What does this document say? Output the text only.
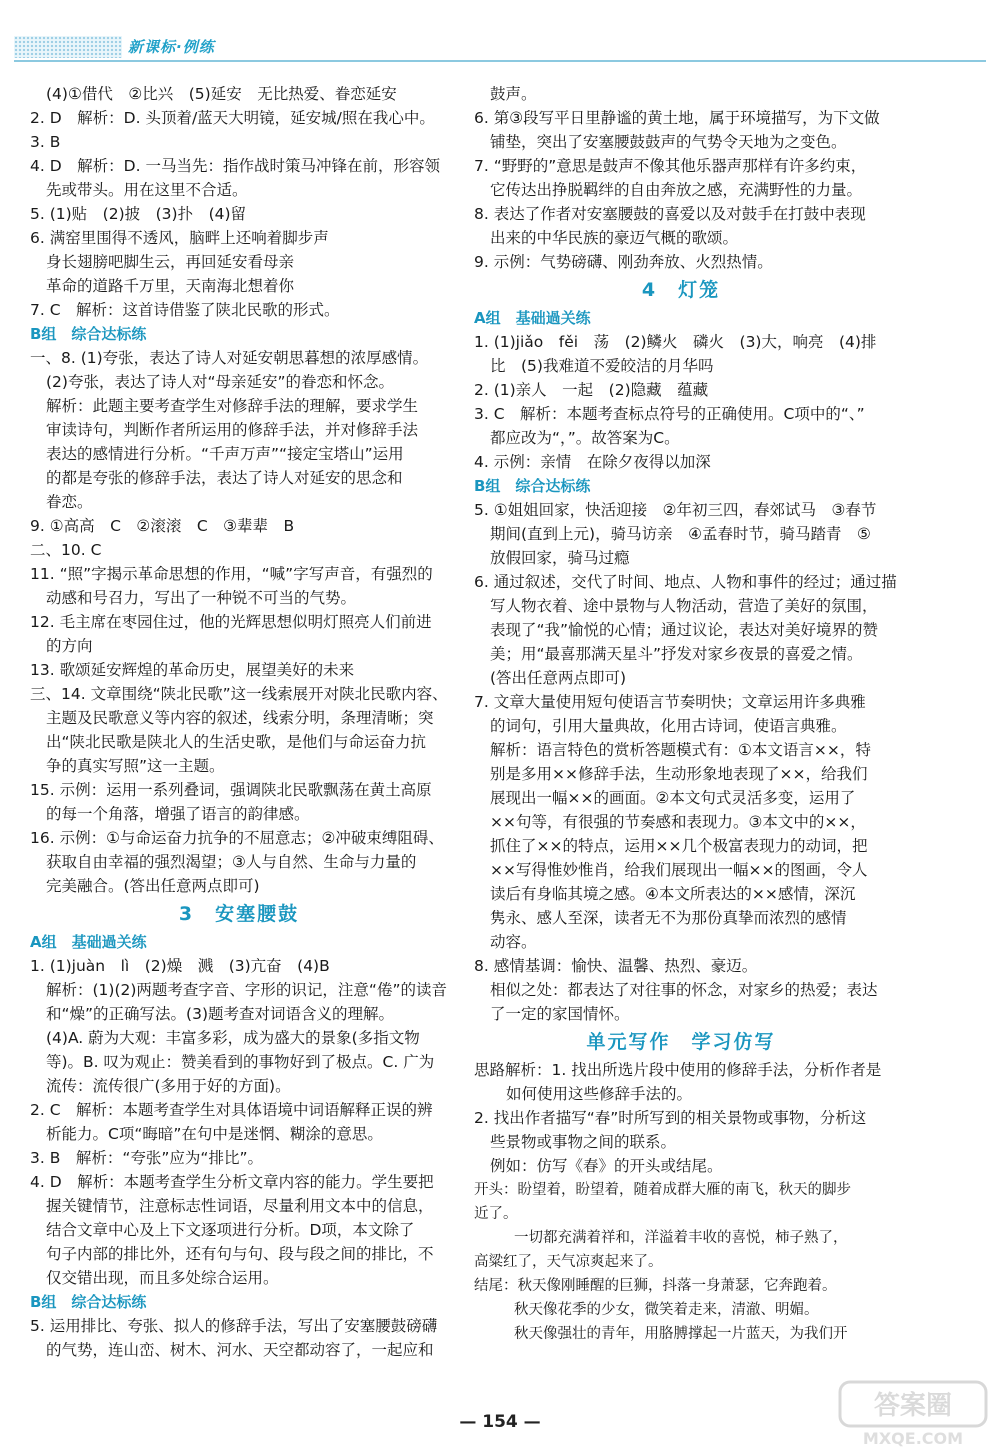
新课标·例练
(4)①借代　②比兴　(5)延安　无比热爱、眷恋延安
2. D　解析：D. 头顶着/蓝天大明镜，延安城/照在我心中。
3. B
4. D　解析：D. 一马当先：指作战时策马冲锋在前，形容领
先或带头。用在这里不合适。
5. (1)贴　(2)披　(3)扑　(4)留
6. 满窑里围得不透风，脑畔上还响着脚步声
身长翅膀吧脚生云，再回延安看母亲
革命的道路千万里，天南海北想着你
7. C　解析：这首诗借鉴了陕北民歌的形式。
B组　综合达标练
一、8. (1)夸张，表达了诗人对延安朝思暮想的浓厚感情。
(2)夸张，表达了诗人对“母亲延安”的眷恋和怀念。
解析：此题主要考查学生对修辞手法的理解，要求学生
审读诗句，判断作者所运用的修辞手法，并对修辞手法
表达的感情进行分析。“千声万声”“接定宝塔山”运用
的都是夸张的修辞手法，表达了诗人对延安的思念和
眷恋。
9. ①高高　C　②滚滚　C　③辈辈　B
二、10. C
11. “照”字揭示革命思想的作用，“喊”字写声音，有强烈的
动感和号召力，写出了一种锐不可当的气势。
12. 毛主席在枣园住过，他的光辉思想似明灯照亮人们前进
的方向
13. 歌颂延安辉煌的革命历史，展望美好的未来
三、14. 文章围绕“陕北民歌”这一线索展开对陕北民歌内容、
主题及民歌意义等内容的叙述，线索分明，条理清晰；突
出“陕北民歌是陕北人的生活史歌，是他们与命运奋力抗
争的真实写照”这一主题。
15. 示例：运用一系列叠词，强调陕北民歌飘荡在黄土高原
的每一个角落，增强了语言的韵律感。
16. 示例：①与命运奋力抗争的不屈意志；②冲破束缚阻碍、
获取自由幸福的强烈渴望；③人与自然、生命与力量的
完美融合。(答出任意两点即可)
3　安塞腰鼓
A组　基础過关练
1. (1)juàn　lì　(2)燥　溅　(3)亢奋　(4)B
解析：(1)(2)两题考查字音、字形的识记，注意“倦”的读音
和“燥”的正确写法。(3)题考查对词语含义的理解。
(4)A. 蔚为大观：丰富多彩，成为盛大的景象(多指文物
等)。B. 叹为观止：赞美看到的事物好到了极点。C. 广为
流传：流传很广(多用于好的方面)。
2. C　解析：本题考查学生对具体语境中词语解释正误的辨
析能力。C项“晦暗”在句中是迷惘、糊涂的意思。
3. B　解析：“夸张”应为“排比”。
4. D　解析：本题考查学生分析文章内容的能力。学生要把
握关键情节，注意标志性词语，尽量利用文本中的信息，
结合文章中心及上下文逐项进行分析。D项，本文除了
句子内部的排比外，还有句与句、段与段之间的排比，不
仅交错出现，而且多处综合运用。
B组　综合达标练
5. 运用排比、夸张、拟人的修辞手法，写出了安塞腰鼓磅礴
的气势，连山峦、树木、河水、天空都动容了，一起应和
鼓声。
6. 第③段写平日里静谧的黄土地，属于环境描写，为下文做
铺垫，突出了安塞腰鼓鼓声的气势令天地为之变色。
7. “野野的”意思是鼓声不像其他乐器声那样有许多约束，
它传达出挣脱羁绊的自由奔放之感，充满野性的力量。
8. 表达了作者对安塞腰鼓的喜爱以及对鼓手在打鼓中表现
出来的中华民族的豪迈气概的歌颂。
9. 示例：气势磅礴、刚劲奔放、火烈热情。
4　灯笼
A组　基础過关练
1. (1)jiǎo　fěi　荡　(2)鳞火　磷火　(3)大，响亮　(4)排
比　(5)我难道不爱皎洁的月华吗
2. (1)亲人　一起　(2)隐藏　蕴藏
3. C　解析：本题考查标点符号的正确使用。C项中的“、”
都应改为“，”。故答案为C。
4. 示例：亲情　在除夕夜得以加深
B组　综合达标练
5. ①姐姐回家，快活迎接　②年初三四，春郊试马　③春节
期间(直到上元)，骑马访亲　④孟春时节，骑马踏青　⑤
放假回家，骑马过瘾
6. 通过叙述，交代了时间、地点、人物和事件的经过；通过描
写人物衣着、途中景物与人物活动，营造了美好的氛围，
表现了“我”愉悦的心情；通过议论，表达对美好境界的赞
美；用“最喜那满天星斗”抒发对家乡夜景的喜爱之情。
(答出任意两点即可)
7. 文章大量使用短句使语言节奏明快；文章运用许多典雅
的词句，引用大量典故，化用古诗词，使语言典雅。
解析：语言特色的赏析答题模式有：①本文语言××，特
别是多用××修辞手法，生动形象地表现了××，给我们
展现出一幅××的画面。②本文句式灵活多变，运用了
××句等，有很强的节奏感和表现力。③本文中的××，
抓住了××的特点，运用××几个极富表现力的动词，把
××写得惟妙惟肖，给我们展现出一幅××的图画，令人
读后有身临其境之感。④本文所表达的××感情，深沉
隽永、感人至深，读者无不为那份真挚而浓烈的感情
动容。
8. 感情基调：愉快、温馨、热烈、豪迈。
相似之处：都表达了对往事的怀念，对家乡的热爱；表达
了一定的家国情怀。
单元写作　学习仿写
思路解析：1. 找出所选片段中使用的修辞手法，分析作者是
如何使用这些修辞手法的。
2. 找出作者描写“春”时所写到的相关景物或事物，分析这
些景物或事物之间的联系。
例如：仿写《春》的开头或结尾。
开头：盼望着，盼望着，随着成群大雁的南飞，秋天的脚步
近了。
一切都充满着祥和，洋溢着丰收的喜悦，柿子熟了，
高粱红了，天气凉爽起来了。
结尾：秋天像刚睡醒的巨狮，抖落一身萧瑟，它奔跑着。
秋天像花季的少女，微笑着走来，清澈、明媚。
秋天像强壮的青年，用胳膊撑起一片蓝天，为我们开
— 154 —
答案圈
MXQE.COM
